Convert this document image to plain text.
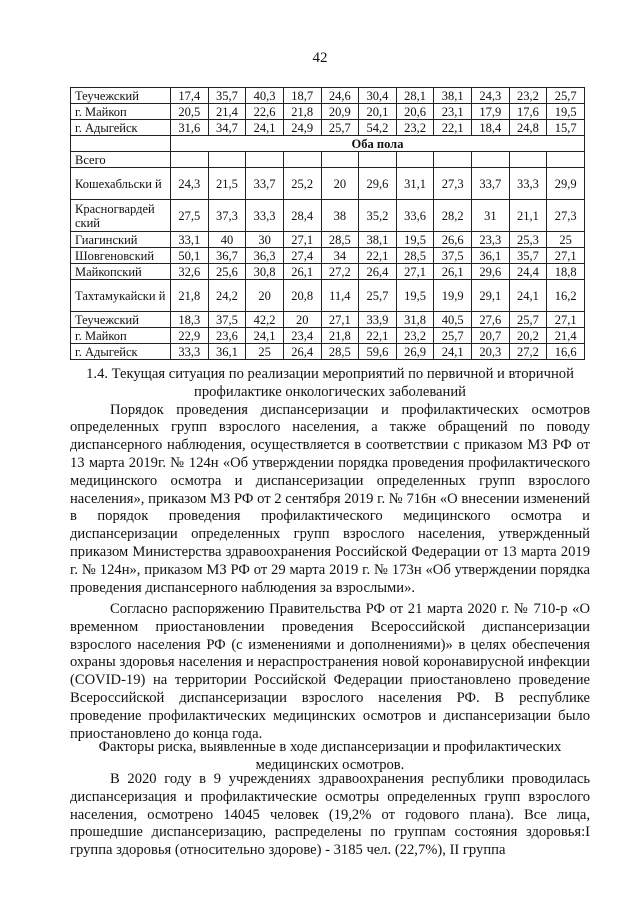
42
Теучежский	17,4	35,7	40,3	18,7	24,6	30,4	28,1	38,1	24,3	23,2	25,7
г. Майкоп	20,5	21,4	22,6	21,8	20,9	20,1	20,6	23,1	17,9	17,6	19,5
г. Адыгейск	31,6	34,7	24,1	24,9	25,7	54,2	23,2	22,1	18,4	24,8	15,7
	Оба пола										
Всего											
Кошехабльски й	24,3	21,5	33,7	25,2	20	29,6	31,1	27,3	33,7	33,3	29,9
Красногвардей ский	27,5	37,3	33,3	28,4	38	35,2	33,6	28,2	31	21,1	27,3
Гиагинский	33,1	40	30	27,1	28,5	38,1	19,5	26,6	23,3	25,3	25
Шовгеновский	50,1	36,7	36,3	27,4	34	22,1	28,5	37,5	36,1	35,7	27,1
Майкопский	32,6	25,6	30,8	26,1	27,2	26,4	27,1	26,1	29,6	24,4	18,8
Тахтамукайски й	21,8	24,2	20	20,8	11,4	25,7	19,5	19,9	29,1	24,1	16,2
Теучежский	18,3	37,5	42,2	20	27,1	33,9	31,8	40,5	27,6	25,7	27,1
г. Майкоп	22,9	23,6	24,1	23,4	21,8	22,1	23,2	25,7	20,7	20,2	21,4
г. Адыгейск	33,3	36,1	25	26,4	28,5	59,6	26,9	24,1	20,3	27,2	16,6

1.4. Текущая ситуация по реализации мероприятий по первичной и вторичной профилактике онкологических заболеваний

Порядок проведения диспансеризации и профилактических осмотров определенных групп взрослого населения, а также обращений по поводу диспансерного наблюдения, осуществляется в соответствии с приказом МЗ РФ от 13 марта 2019г. № 124н «Об утверждении порядка проведения профилактического медицинского осмотра и диспансеризации определенных групп взрослого населения», приказом МЗ РФ от 2 сентября 2019 г. № 716н «О внесении изменений в порядок проведения профилактического медицинского осмотра и диспансеризации определенных групп взрослого населения, утвержденный приказом Министерства здравоохранения Российской Федерации от 13 марта 2019 г. № 124н», приказом МЗ РФ от 29 марта 2019 г. № 173н «Об утверждении порядка проведения диспансерного наблюдения за взрослыми».

Согласно распоряжению Правительства РФ от 21 марта 2020 г. № 710-р «О временном приостановлении проведения Всероссийской диспансеризации взрослого населения РФ (с изменениями и дополнениями)» в целях обеспечения охраны здоровья населения и нераспространения новой коронавирусной инфекции (COVID-19) на территории Российской Федерации приостановлено проведение Всероссийской диспансеризации взрослого населения РФ. В республике проведение профилактических медицинских осмотров и диспансеризации было приостановлено до конца года.

Факторы риска, выявленные в ходе диспансеризации и профилактических медицинских осмотров.

В 2020 году в 9 учреждениях здравоохранения республики проводилась диспансеризация и профилактические осмотры определенных групп взрослого населения, осмотрено 14045 человек (19,2% от годового плана). Все лица, прошедшие диспансеризацию, распределены по группам состояния здоровья:I группа здоровья (относительно здорове) - 3185 чел. (22,7%), II группа
